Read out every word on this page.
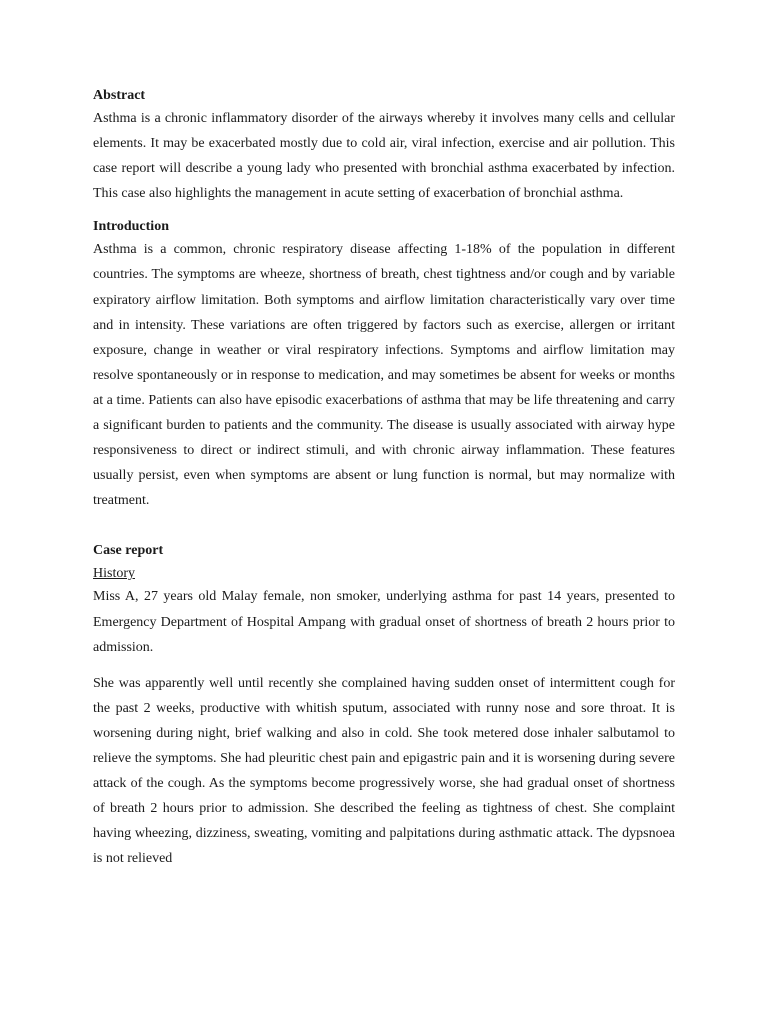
Abstract

Asthma is a chronic inflammatory disorder of the airways whereby it involves many cells and cellular elements. It may be exacerbated mostly due to cold air, viral infection, exercise and air pollution. This case report will describe a young lady who presented with bronchial asthma exacerbated by infection. This case also highlights the management in acute setting of exacerbation of bronchial asthma.

Introduction

Asthma is a common, chronic respiratory disease affecting 1-18% of the population in different countries. The symptoms are wheeze, shortness of breath, chest tightness and/or cough and by variable expiratory airflow limitation. Both symptoms and airflow limitation characteristically vary over time and in intensity. These variations are often triggered by factors such as exercise, allergen or irritant exposure, change in weather or viral respiratory infections. Symptoms and airflow limitation may resolve spontaneously or in response to medication, and may sometimes be absent for weeks or months at a time. Patients can also have episodic exacerbations of asthma that may be life threatening and carry a significant burden to patients and the community. The disease is usually associated with airway hype responsiveness to direct or indirect stimuli, and with chronic airway inflammation. These features usually persist, even when symptoms are absent or lung function is normal, but may normalize with treatment.

Case report

History

Miss A, 27 years old Malay female, non smoker, underlying asthma for past 14 years, presented to Emergency Department of Hospital Ampang with gradual onset of shortness of breath 2 hours prior to admission.

She was apparently well until recently she complained having sudden onset of intermittent cough for the past 2 weeks, productive with whitish sputum, associated with runny nose and sore throat. It is worsening during night, brief walking and also in cold. She took metered dose inhaler salbutamol to relieve the symptoms. She had pleuritic chest pain and epigastric pain and it is worsening during severe attack of the cough. As the symptoms become progressively worse, she had gradual onset of shortness of breath 2 hours prior to admission. She described the feeling as tightness of chest. She complaint having wheezing, dizziness, sweating, vomiting and palpitations during asthmatic attack. The dypsnoea is not relieved
